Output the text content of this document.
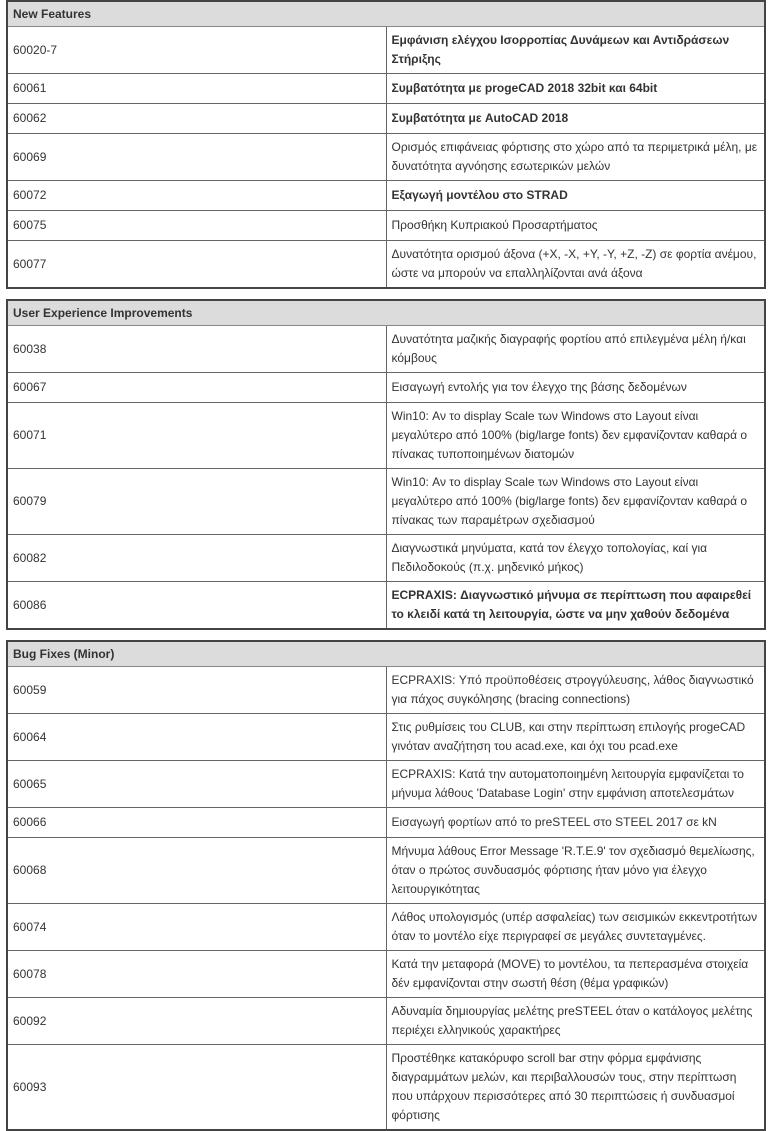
New Features	
60020-7	Εμφάνιση ελέγχου Ισορροπίας Δυνάμεων και Αντιδράσεων Στήριξης
60061	Συμβατότητα με progeCAD 2018 32bit και 64bit
60062	Συμβατότητα με AutoCAD 2018
60069	Ορισμός επιφάνειας φόρτισης στο χώρο από τα περιμετρικά μέλη, με δυνατότητα αγνόησης εσωτερικών μελών
60072	Εξαγωγή μοντέλου στο STRAD
60075	Προσθήκη Κυπριακού Προσαρτήματος
60077	Δυνατότητα ορισμού άξονα (+X, -X, +Y, -Y, +Z, -Z) σε φορτία ανέμου, ώστε να μπορούν να επαλληλίζονται ανά άξονα
User Experience Improvements	
60038	Δυνατότητα μαζικής διαγραφής φορτίου από επιλεγμένα μέλη ή/και κόμβους
60067	Εισαγωγή εντολής για τον έλεγχο της βάσης δεδομένων
60071	Win10: Αν το display Scale των Windows στο Layout είναι μεγαλύτερο από 100% (big/large fonts) δεν εμφανίζονταν καθαρά ο πίνακας τυποποιημένων διατομών
60079	Win10: Αν το display Scale των Windows στο Layout είναι μεγαλύτερο από 100% (big/large fonts) δεν εμφανίζονταν καθαρά ο πίνακας των παραμέτρων σχεδιασμού
60082	Διαγνωστικά μηνύματα, κατά τον έλεγχο τοπολογίας, καί για Πεδιλοδοκούς (π.χ. μηδενικό μήκος)
60086	ECPRAXIS: Διαγνωστικό μήνυμα σε περίπτωση που αφαιρεθεί το κλειδί κατά τη λειτουργία, ώστε να μην χαθούν δεδομένα
Bug Fixes (Minor)	
60059	ECPRAXIS: Υπό προϋποθέσεις στρογγύλευσης, λάθος διαγνωστικό για πάχος συγκόλησης (bracing connections)
60064	Στις ρυθμίσεις του CLUB, και στην περίπτωση επιλογής progeCAD γινόταν αναζήτηση του acad.exe, και όχι του pcad.exe
60065	ECPRAXIS: Κατά την αυτοματοποιημένη λειτουργία εμφανίζεται το μήνυμα λάθους 'Database Login' στην εμφάνιση αποτελεσμάτων
60066	Εισαγωγή φορτίων από το preSTEEL στο STEEL 2017 σε kN
60068	Μήνυμα λάθους Error Message 'R.T.E.9' τον σχεδιασμό θεμελίωσης, όταν ο πρώτος συνδυασμός φόρτισης ήταν μόνο για έλεγχο λειτουργικότητας
60074	Λάθος υπολογισμός (υπέρ ασφαλείας) των σεισμικών εκκεντροτήτων όταν το μοντέλο είχε περιγραφεί σε μεγάλες συντεταγμένες.
60078	Κατά την μεταφορά (MOVE) το μοντέλου, τα πεπερασμένα στοιχεία δέν εμφανίζονται στην σωστή θέση (θέμα γραφικών)
60092	Αδυναμία δημιουργίας μελέτης preSTEEL όταν ο κατάλογος μελέτης περιέχει ελληνικούς χαρακτήρες
60093	Προστέθηκε κατακόρυφο scroll bar στην φόρμα εμφάνισης διαγραμμάτων μελών, και περιβαλλουσών τους, στην περίπτωση που υπάρχουν περισσότερες από 30 περιπτώσεις ή συνδυασμοί φόρτισης
